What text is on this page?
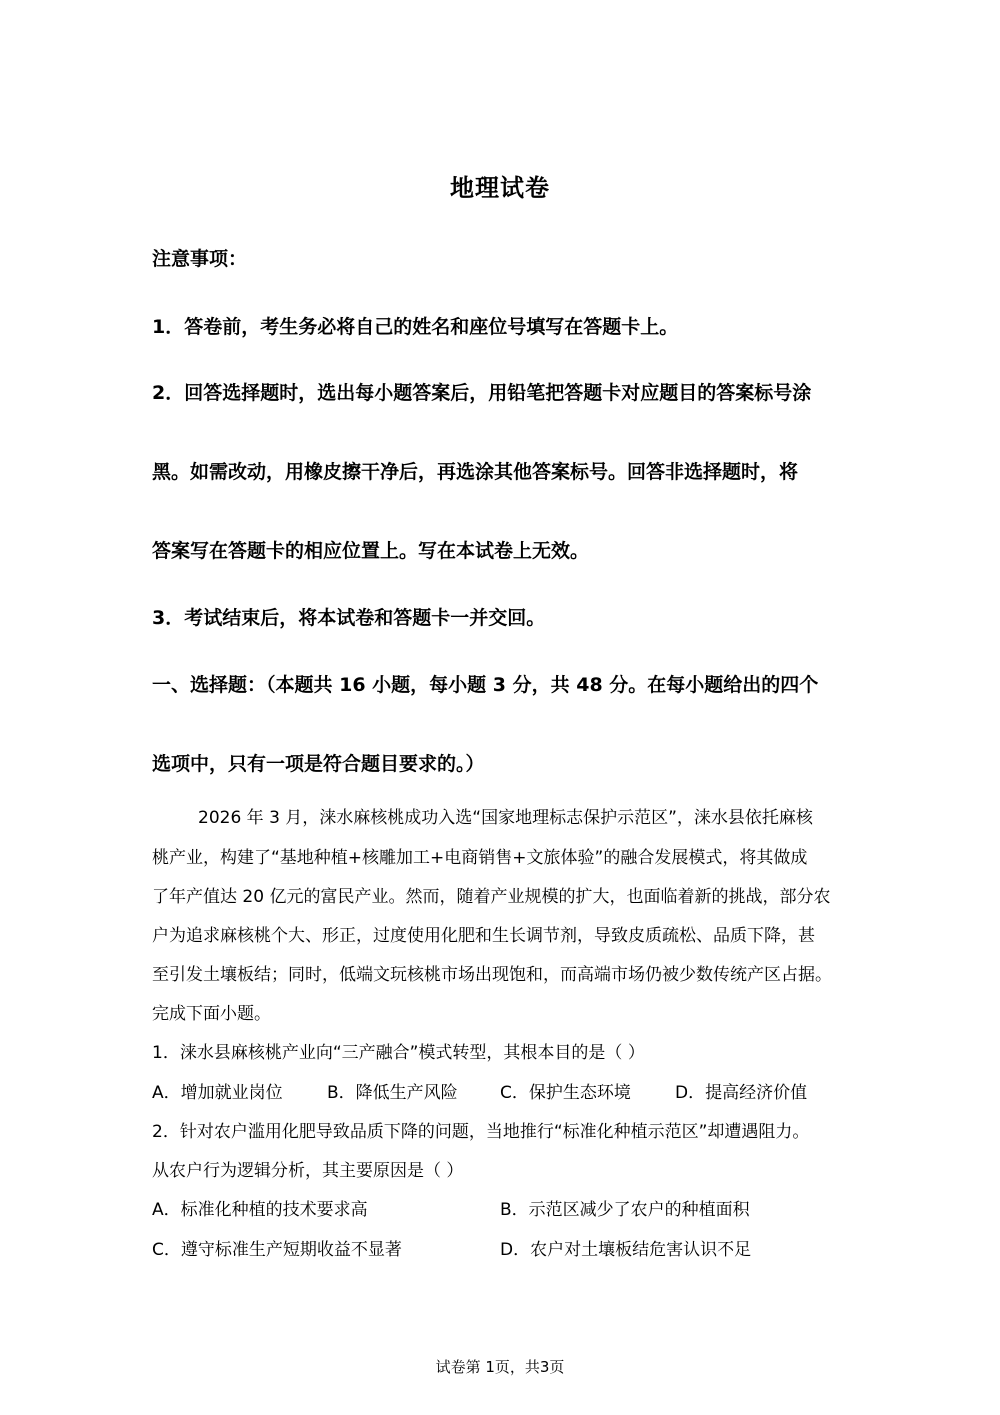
地理试卷
注意事项：
1．答卷前，考生务必将自己的姓名和座位号填写在答题卡上。
2．回答选择题时，选出每小题答案后，用铅笔把答题卡对应题目的答案标号涂
黑。如需改动，用橡皮擦干净后，再选涂其他答案标号。回答非选择题时，将
答案写在答题卡的相应位置上。写在本试卷上无效。
3．考试结束后，将本试卷和答题卡一并交回。
一、选择题：（本题共 16 小题，每小题 3 分，共 48 分。在每小题给出的四个
选项中，只有一项是符合题目要求的。）
2026 年 3 月，涞水麻核桃成功入选“国家地理标志保护示范区”，涞水县依托麻核
桃产业，构建了“基地种植+核雕加工+电商销售+文旅体验”的融合发展模式，将其做成
了年产值达 20 亿元的富民产业。然而，随着产业规模的扩大，也面临着新的挑战，部分农
户为追求麻核桃个大、形正，过度使用化肥和生长调节剂，导致皮质疏松、品质下降，甚
至引发土壤板结；同时，低端文玩核桃市场出现饱和，而高端市场仍被少数传统产区占据。
完成下面小题。
1．涞水县麻核桃产业向“三产融合”模式转型，其根本目的是（ ）
A．增加就业岗位	B．降低生产风险 C．保护生态环境	D．提高经济价值
2．针对农户滥用化肥导致品质下降的问题，当地推行“标准化种植示范区”却遭遇阻力。
从农户行为逻辑分析，其主要原因是（ ）
A．标准化种植的技术要求高	B．示范区减少了农户的种植面积
C．遵守标准生产短期收益不显著	D．农户对土壤板结危害认识不足
试卷第 1页，共3页
